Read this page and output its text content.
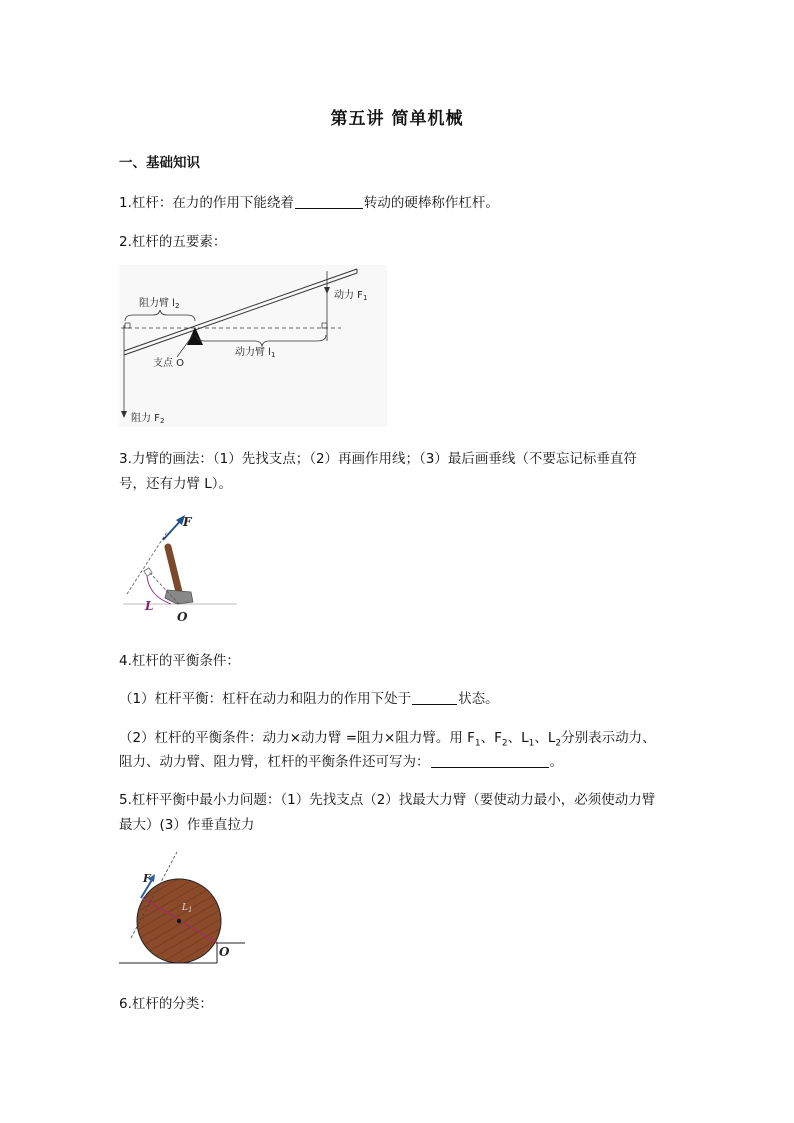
第五讲 简单机械
一、基础知识
1.杠杆：在力的作用下能绕着	转动的硬棒称作杠杆。
2.杠杆的五要素：
阻力臂 $l_2$
动力 $F_1$
支点 O
动力臂 $l_1$
阻力 $F_2$
3.力臂的画法：（1）先找支点；（2）再画作用线；（3）最后画垂线（不要忘记标垂直符
号，还有力臂 L）。
F
L
O
4.杠杆的平衡条件：
（1）杠杆平衡：杠杆在动力和阻力的作用下处于	状态。
（2）杠杆的平衡条件：动力×动力臂 =阻力×阻力臂。用 $F_1$、$F_2$、$L_1$、$L_2$分别表示动力、
阻力、动力臂、阻力臂，杠杆的平衡条件还可写为：	。
5.杠杆平衡中最小力问题：（1）先找支点（2）找最大力臂（要使动力最小，必须使动力臂
最大）(3）作垂直拉力
F
$L_1$
O
6.杠杆的分类：
